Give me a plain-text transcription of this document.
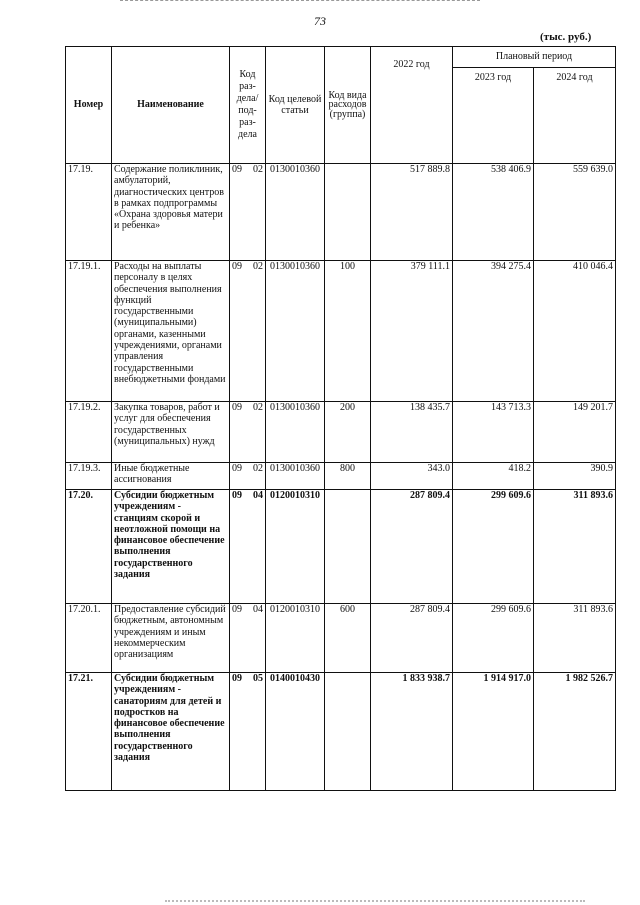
73
(тыс. руб.)
Номер	Наименование	Код раз-дела/ под-раз-дела	Код целевой статьи	Код вида расходов (группа)	2022 год	Плановый период	
						2023 год	2024 год
17.19.	Содержание поликлиник, амбулаторий, диагностических центров в рамках подпрограммы «Охрана здоровья матери и ребенка»	09 02	0130010360		517 889.8	538 406.9	559 639.0
17.19.1.	Расходы на выплаты персоналу в целях обеспечения выполнения функций государственными (муниципальными) органами, казенными учреждениями, органами управления государственными внебюджетными фондами	09 02	0130010360	100	379 111.1	394 275.4	410 046.4
17.19.2.	Закупка товаров, работ и услуг для обеспечения государственных (муниципальных) нужд	09 02	0130010360	200	138 435.7	143 713.3	149 201.7
17.19.3.	Иные бюджетные ассигнования	09 02	0130010360	800	343.0	418.2	390.9
17.20.	Субсидии бюджетным учреждениям - станциям скорой и неотложной помощи на финансовое обеспечение выполнения государственного задания	09 04	0120010310		287 809.4	299 609.6	311 893.6
17.20.1.	Предоставление субсидий бюджетным, автономным учреждениям и иным некоммерческим организациям	09 04	0120010310	600	287 809.4	299 609.6	311 893.6
17.21.	Субсидии бюджетным учреждениям - санаториям для детей и подростков на финансовое обеспечение выполнения государственного задания	09 05	0140010430		1 833 938.7	1 914 917.0	1 982 526.7
